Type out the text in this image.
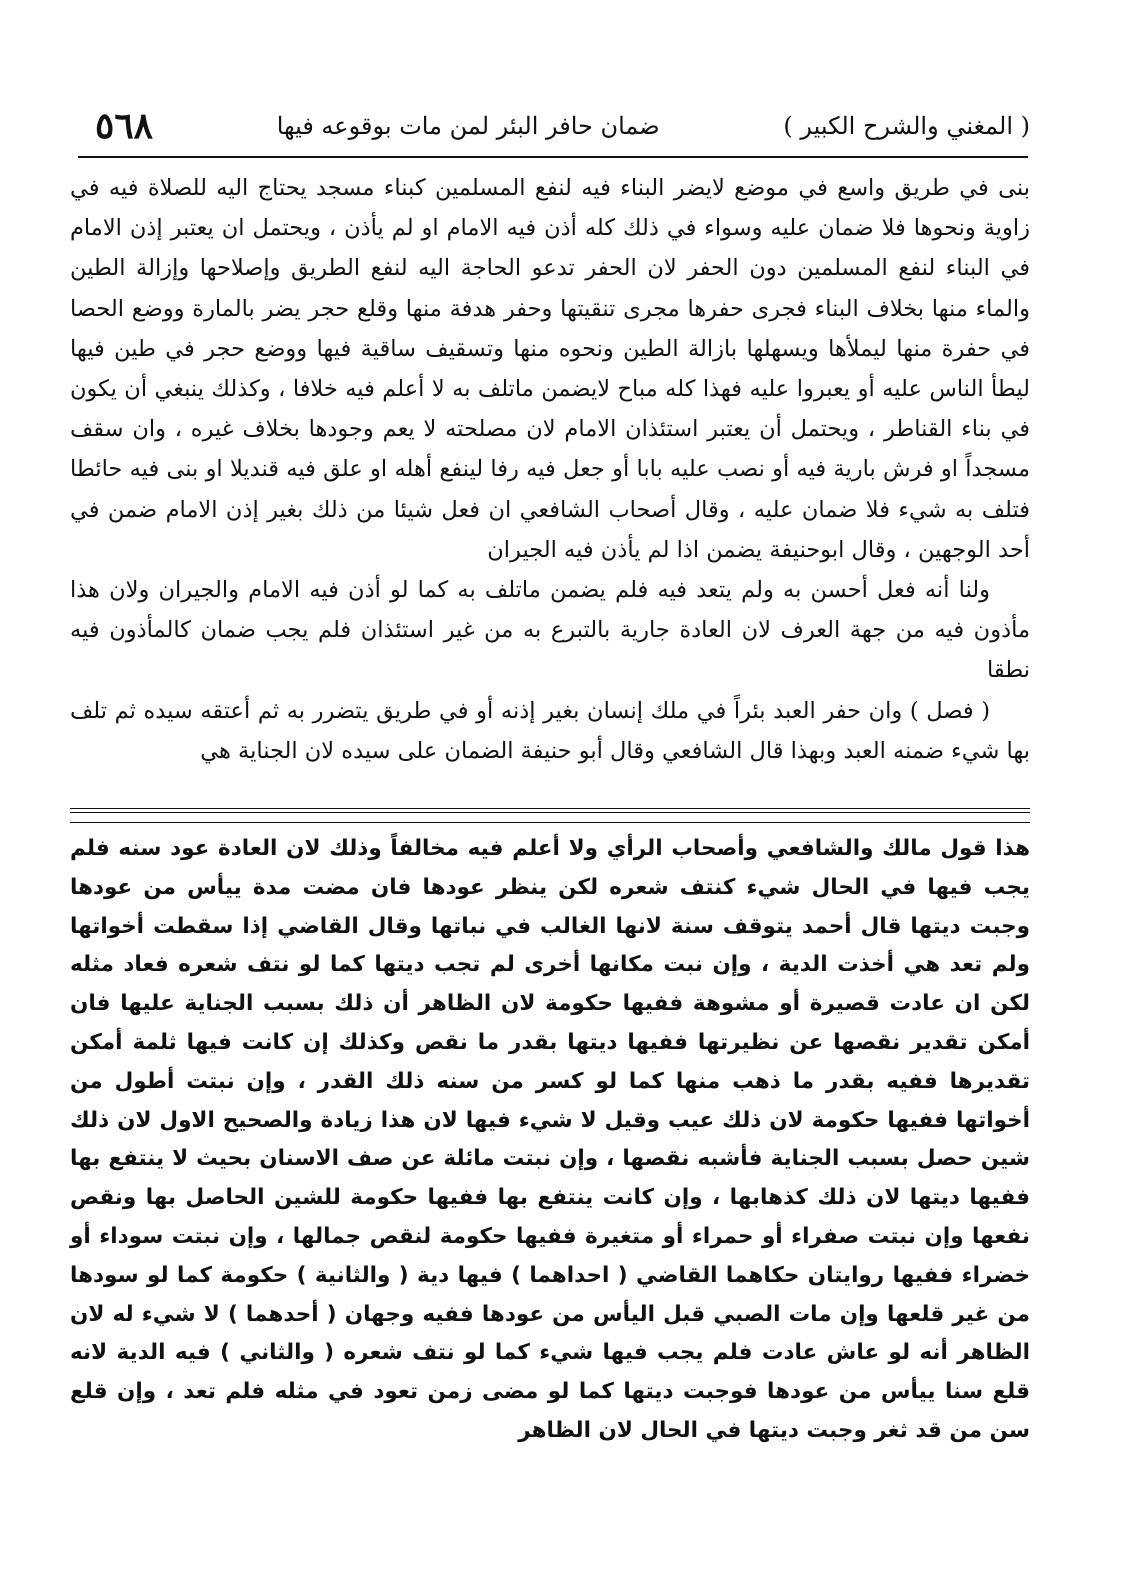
٥٦٨	ضمان حافر البئر لمن مات بوقوعه فيها	( المغني والشرح الكبير )

بنى في طريق واسع في موضع لايضر البناء فيه لنفع المسلمين كبناء مسجد يحتاج اليه للصلاة فيه في زاوية ونحوها فلا ضمان عليه وسواء في ذلك كله أذن فيه الامام او لم يأذن ، ويحتمل ان يعتبر إذن الامام في البناء لنفع المسلمين دون الحفر لان الحفر تدعو الحاجة اليه لنفع الطريق وإصلاحها وإزالة الطين والماء منها بخلاف البناء فجرى حفرها مجرى تنقيتها وحفر هدفة منها وقلع حجر يضر بالمارة ووضع الحصا في حفرة منها ليملأها ويسهلها بازالة الطين ونحوه منها وتسقيف ساقية فيها ووضع حجر في طين فيها ليطأ الناس عليه أو يعبروا عليه فهذا كله مباح لايضمن ماتلف به لا أعلم فيه خلافا ، وكذلك ينبغي أن يكون في بناء القناطر ، ويحتمل أن يعتبر استئذان الامام لان مصلحته لا يعم وجودها بخلاف غيره ، وان سقف مسجداً او فرش بارية فيه أو نصب عليه بابا أو جعل فيه رفا لينفع أهله او علق فيه قنديلا او بنى فيه حائطا فتلف به شيء فلا ضمان عليه ، وقال أصحاب الشافعي ان فعل شيئا من ذلك بغير إذن الامام ضمن في أحد الوجهين ، وقال ابوحنيفة يضمن اذا لم يأذن فيه الجيران

ولنا أنه فعل أحسن به ولم يتعد فيه فلم يضمن ماتلف به كما لو أذن فيه الامام والجيران ولان هذا مأذون فيه من جهة العرف لان العادة جارية بالتبرع به من غير استئذان فلم يجب ضمان كالمأذون فيه نطقا

( فصل ) وان حفر العبد بئراً في ملك إنسان بغير إذنه أو في طريق يتضرر به ثم أعتقه سيده ثم تلف بها شيء ضمنه العبد وبهذا قال الشافعي وقال أبو حنيفة الضمان على سيده لان الجناية هي

هذا قول مالك والشافعي وأصحاب الرأي ولا أعلم فيه مخالفاً وذلك لان العادة عود سنه فلم يجب فيها في الحال شيء كنتف شعره لكن ينظر عودها فان مضت مدة ييأس من عودها وجبت ديتها قال أحمد يتوقف سنة لانها الغالب في نباتها وقال القاضي إذا سقطت أخواتها ولم تعد هي أخذت الدية ، وإن نبت مكانها أخرى لم تجب ديتها كما لو نتف شعره فعاد مثله لكن ان عادت قصيرة أو مشوهة ففيها حكومة لان الظاهر أن ذلك بسبب الجناية عليها فان أمكن تقدير نقصها عن نظيرتها ففيها ديتها بقدر ما نقص وكذلك إن كانت فيها ثلمة أمكن تقديرها ففيه بقدر ما ذهب منها كما لو كسر من سنه ذلك القدر ، وإن نبتت أطول من أخواتها ففيها حكومة لان ذلك عيب وقيل لا شيء فيها لان هذا زيادة والصحيح الاول لان ذلك شين حصل بسبب الجناية فأشبه نقصها ، وإن نبتت مائلة عن صف الاسنان بحيث لا ينتفع بها ففيها ديتها لان ذلك كذهابها ، وإن كانت ينتفع بها ففيها حكومة للشين الحاصل بها ونقص نفعها وإن نبتت صفراء أو حمراء أو متغيرة ففيها حكومة لنقص جمالها ، وإن نبتت سوداء أو خضراء ففيها روايتان حكاهما القاضي ( احداهما ) فيها دية ( والثانية ) حكومة كما لو سودها من غير قلعها وإن مات الصبي قبل اليأس من عودها ففيه وجهان ( أحدهما ) لا شيء له لان الظاهر أنه لو عاش عادت فلم يجب فيها شيء كما لو نتف شعره ( والثاني ) فيه الدية لانه قلع سنا ييأس من عودها فوجبت ديتها كما لو مضى زمن تعود في مثله فلم تعد ، وإن قلع سن من قد ثغر وجبت ديتها في الحال لان الظاهر
